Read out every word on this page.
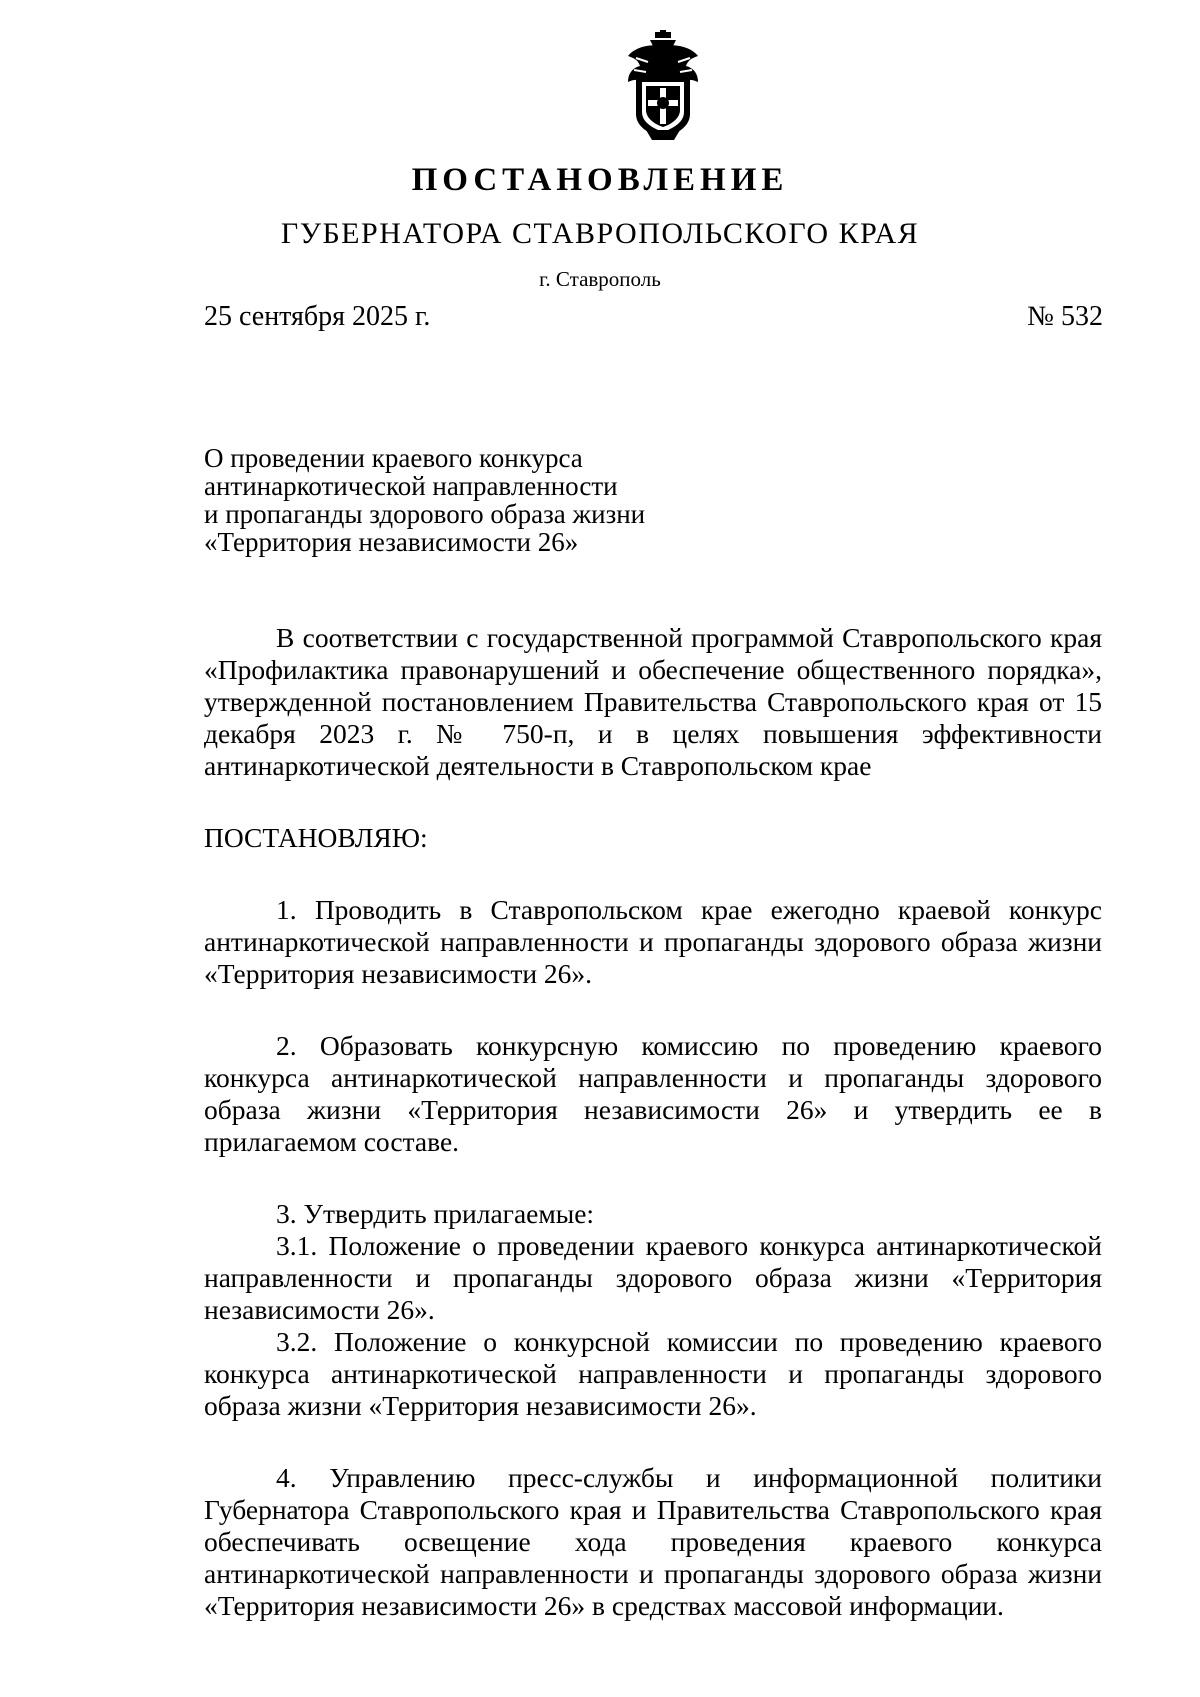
ПОСТАНОВЛЕНИЕ
ГУБЕРНАТОРА СТАВРОПОЛЬСКОГО КРАЯ
г. Ставрополь
25 сентября 2025 г.	№ 532
О проведении краевого конкурса
антинаркотической направленности
и пропаганды здорового образа жизни
«Территория независимости 26»

В соответствии с государственной программой Ставропольского края «Профилактика правонарушений и обеспечение общественного порядка», утвержденной постановлением Правительства Ставропольского края от 15 декабря 2023 г. № 750-п, и в целях повышения эффективности антинаркотической деятельности в Ставропольском крае

ПОСТАНОВЛЯЮ:

1. Проводить в Ставропольском крае ежегодно краевой конкурс антинаркотической направленности и пропаганды здорового образа жизни «Территория независимости 26».

2. Образовать конкурсную комиссию по проведению краевого конкурса антинаркотической направленности и пропаганды здорового образа жизни «Территория независимости 26» и утвердить ее в прилагаемом составе.

3. Утвердить прилагаемые:

3.1. Положение о проведении краевого конкурса антинаркотической направленности и пропаганды здорового образа жизни «Территория независимости 26».

3.2. Положение о конкурсной комиссии по проведению краевого конкурса антинаркотической направленности и пропаганды здорового образа жизни «Территория независимости 26».

4. Управлению пресс-службы и информационной политики Губернатора Ставропольского края и Правительства Ставропольского края обеспечивать освещение хода проведения краевого конкурса антинаркотической направленности и пропаганды здорового образа жизни «Территория независимости 26» в средствах массовой информации.
